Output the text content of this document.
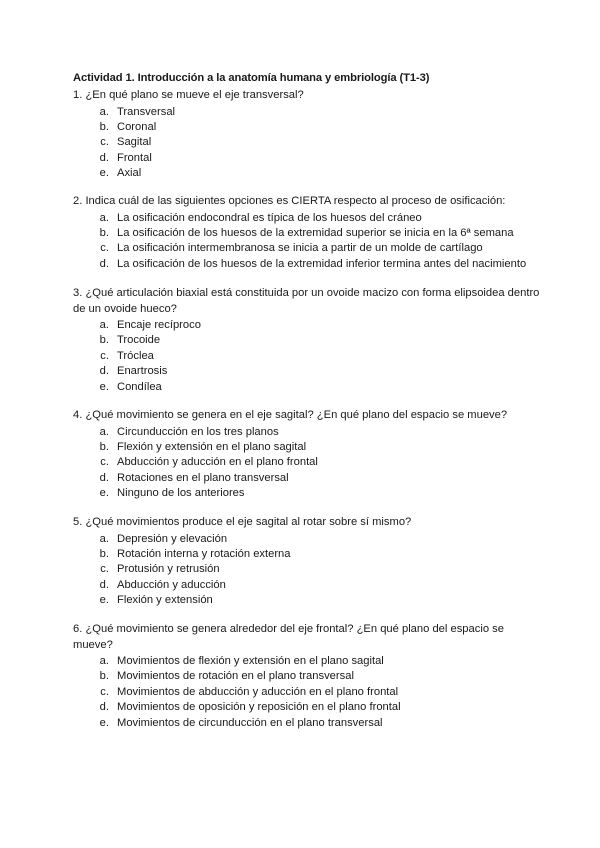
Actividad 1. Introducción a la anatomía humana y embriología (T1-3)
1. ¿En qué plano se mueve el eje transversal?
a. Transversal
b. Coronal
c. Sagital
d. Frontal
e. Axial
2. Indica cuál de las siguientes opciones es CIERTA respecto al proceso de osificación:
a. La osificación endocondral es típica de los huesos del cráneo
b. La osificación de los huesos de la extremidad superior se inicia en la 6ª semana
c. La osificación intermembranosa se inicia a partir de un molde de cartílago
d. La osificación de los huesos de la extremidad inferior termina antes del nacimiento
3. ¿Qué articulación biaxial está constituida por un ovoide macizo con forma elipsoidea dentro de un ovoide hueco?
a. Encaje recíproco
b. Trocoide
c. Tróclea
d. Enartrosis
e. Condílea
4. ¿Qué movimiento se genera en el eje sagital? ¿En qué plano del espacio se mueve?
a. Circunducción en los tres planos
b. Flexión y extensión en el plano sagital
c. Abducción y aducción en el plano frontal
d. Rotaciones en el plano transversal
e. Ninguno de los anteriores
5. ¿Qué movimientos produce el eje sagital al rotar sobre sí mismo?
a. Depresión y elevación
b. Rotación interna y rotación externa
c. Protusión y retrusión
d. Abducción y aducción
e. Flexión y extensión
6. ¿Qué movimiento se genera alrededor del eje frontal? ¿En qué plano del espacio se mueve?
a. Movimientos de flexión y extensión en el plano sagital
b. Movimientos de rotación en el plano transversal
c. Movimientos de abducción y aducción en el plano frontal
d. Movimientos de oposición y reposición en el plano frontal
e. Movimientos de circunducción en el plano transversal
